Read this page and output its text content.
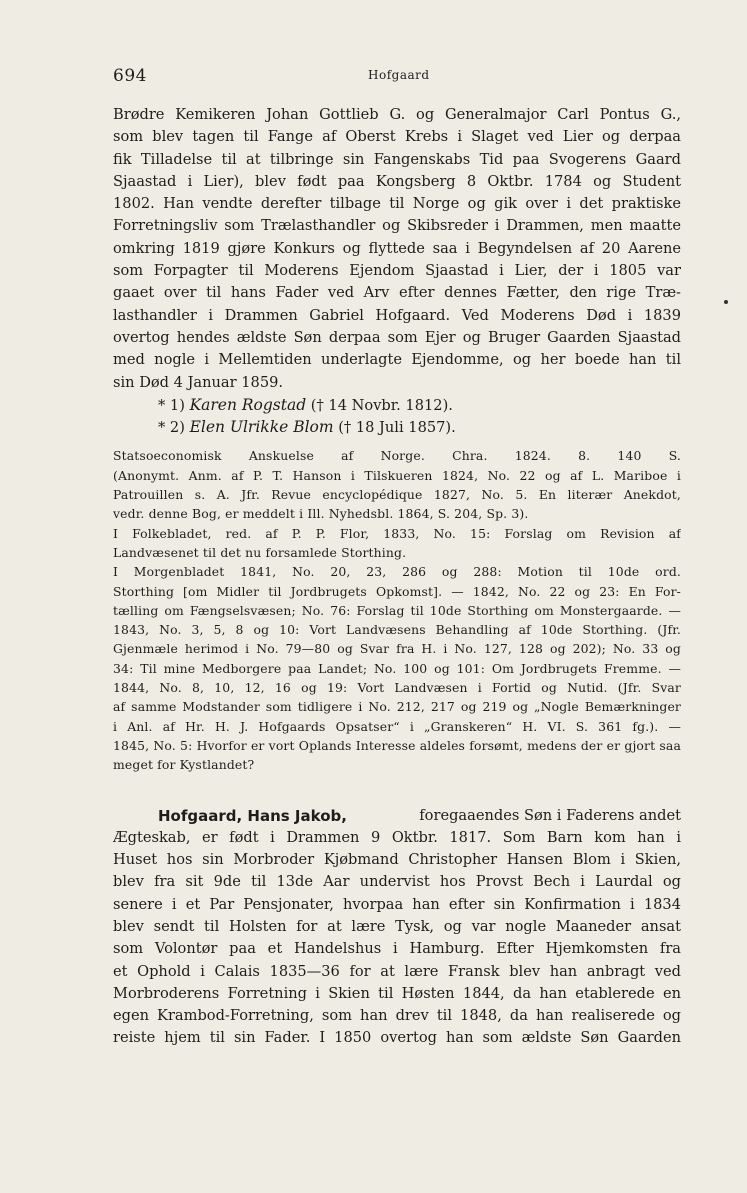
694	Hofgaard
Brødre Kemikeren Johan Gottlieb G. og Generalmajor Carl Pontus G.,
som blev tagen til Fange af Oberst Krebs i Slaget ved Lier og derpaa
fik Tilladelse til at tilbringe sin Fangenskabs Tid paa Svogerens Gaard
Sjaastad i Lier), blev født paa Kongsberg 8 Oktbr. 1784 og Student
1802. Han vendte derefter tilbage til Norge og gik over i det praktiske
Forretningsliv som Trælasthandler og Skibsreder i Drammen, men maatte
omkring 1819 gjøre Konkurs og flyttede saa i Begyndelsen af 20 Aarene
som Forpagter til Moderens Ejendom Sjaastad i Lier, der i 1805 var
gaaet over til hans Fader ved Arv efter dennes Fætter, den rige Træ-
lasthandler i Drammen Gabriel Hofgaard. Ved Moderens Død i 1839
overtog hendes ældste Søn derpaa som Ejer og Bruger Gaarden Sjaastad
med nogle i Mellemtiden underlagte Ejendomme, og her boede han til
sin Død 4 Januar 1859.
* 1) Karen Rogstad († 14 Novbr. 1812).
* 2) Elen Ulrikke Blom († 18 Juli 1857).
Statsoeconomisk Anskuelse af Norge. Chra. 1824. 8. 140 S.
(Anonymt. Anm. af P. T. Hanson i Tilskueren 1824, No. 22 og af L. Mariboe i
Patrouillen s. A. Jfr. Revue encyclopédique 1827, No. 5. En literær Anekdot,
vedr. denne Bog, er meddelt i Ill. Nyhedsbl. 1864, S. 204, Sp. 3).
I Folkebladet, red. af P. P. Flor, 1833, No. 15: Forslag om Revision af
Landvæsenet til det nu forsamlede Storthing.
I Morgenbladet 1841, No. 20, 23, 286 og 288: Motion til 10de ord.
Storthing [om Midler til Jordbrugets Opkomst]. — 1842, No. 22 og 23: En For-
tælling om Fængselsvæsen; No. 76: Forslag til 10de Storthing om Monstergaarde. —
1843, No. 3, 5, 8 og 10: Vort Landvæsens Behandling af 10de Storthing. (Jfr.
Gjenmæle herimod i No. 79—80 og Svar fra H. i No. 127, 128 og 202); No. 33 og
34: Til mine Medborgere paa Landet; No. 100 og 101: Om Jordbrugets Fremme. —
1844, No. 8, 10, 12, 16 og 19: Vort Landvæsen i Fortid og Nutid. (Jfr. Svar
af samme Modstander som tidligere i No. 212, 217 og 219 og „Nogle Bemærkninger
i Anl. af Hr. H. J. Hofgaards Opsatser“ i „Granskeren“ H. VI. S. 361 fg.). —
1845, No. 5: Hvorfor er vort Oplands Interesse aldeles forsømt, medens der er gjort saa meget for Kystlandet?
Hofgaard, Hans Jakob,	foregaaendes Søn i Faderens andet
Ægteskab, er født i Drammen 9 Oktbr. 1817. Som Barn kom han i
Huset hos sin Morbroder Kjøbmand Christopher Hansen Blom i Skien,
blev fra sit 9de til 13de Aar undervist hos Provst Bech i Laurdal og
senere i et Par Pensjonater, hvorpaa han efter sin Konfirmation i 1834
blev sendt til Holsten for at lære Tysk, og var nogle Maaneder ansat
som Volontør paa et Handelshus i Hamburg. Efter Hjemkomsten fra
et Ophold i Calais 1835—36 for at lære Fransk blev han anbragt ved
Morbroderens Forretning i Skien til Høsten 1844, da han etablerede en
egen Krambod-Forretning, som han drev til 1848, da han realiserede og
reiste hjem til sin Fader. I 1850 overtog han som ældste Søn Gaarden
